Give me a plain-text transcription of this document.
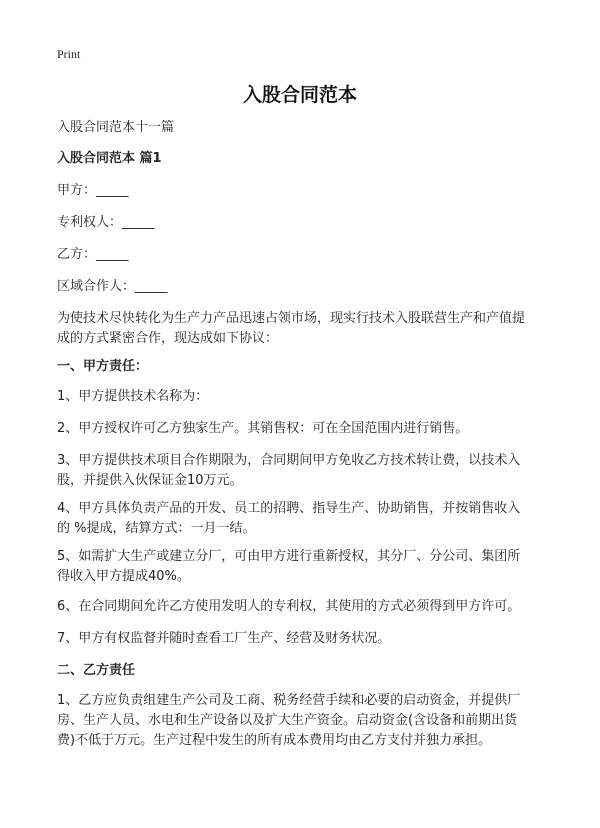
Print
入股合同范本
入股合同范本十一篇
入股合同范本 篇1
甲方：_____
专利权人：_____
乙方：_____
区域合作人：_____
为使技术尽快转化为生产力产品迅速占领市场，现实行技术入股联营生产和产值提
成的方式紧密合作，现达成如下协议：
一、甲方责任：
1、甲方提供技术名称为：
2、甲方授权许可乙方独家生产。其销售权：可在全国范围内进行销售。
3、甲方提供技术项目合作期限为，合同期间甲方免收乙方技术转让费，以技术入
股，并提供入伙保证金10万元。
4、甲方具体负责产品的开发、员工的招聘、指导生产、协助销售，并按销售收入
的 %提成，结算方式：一月一结。
5、如需扩大生产或建立分厂，可由甲方进行重新授权，其分厂、分公司、集团所
得收入甲方提成40%。
6、在合同期间允许乙方使用发明人的专利权，其使用的方式必须得到甲方许可。
7、甲方有权监督并随时查看工厂生产、经营及财务状况。
二、乙方责任
1、乙方应负责组建生产公司及工商、税务经营手续和必要的启动资金，并提供厂
房、生产人员、水电和生产设备以及扩大生产资金。启动资金(含设备和前期出货
费)不低于万元。生产过程中发生的所有成本费用均由乙方支付并独力承担。
